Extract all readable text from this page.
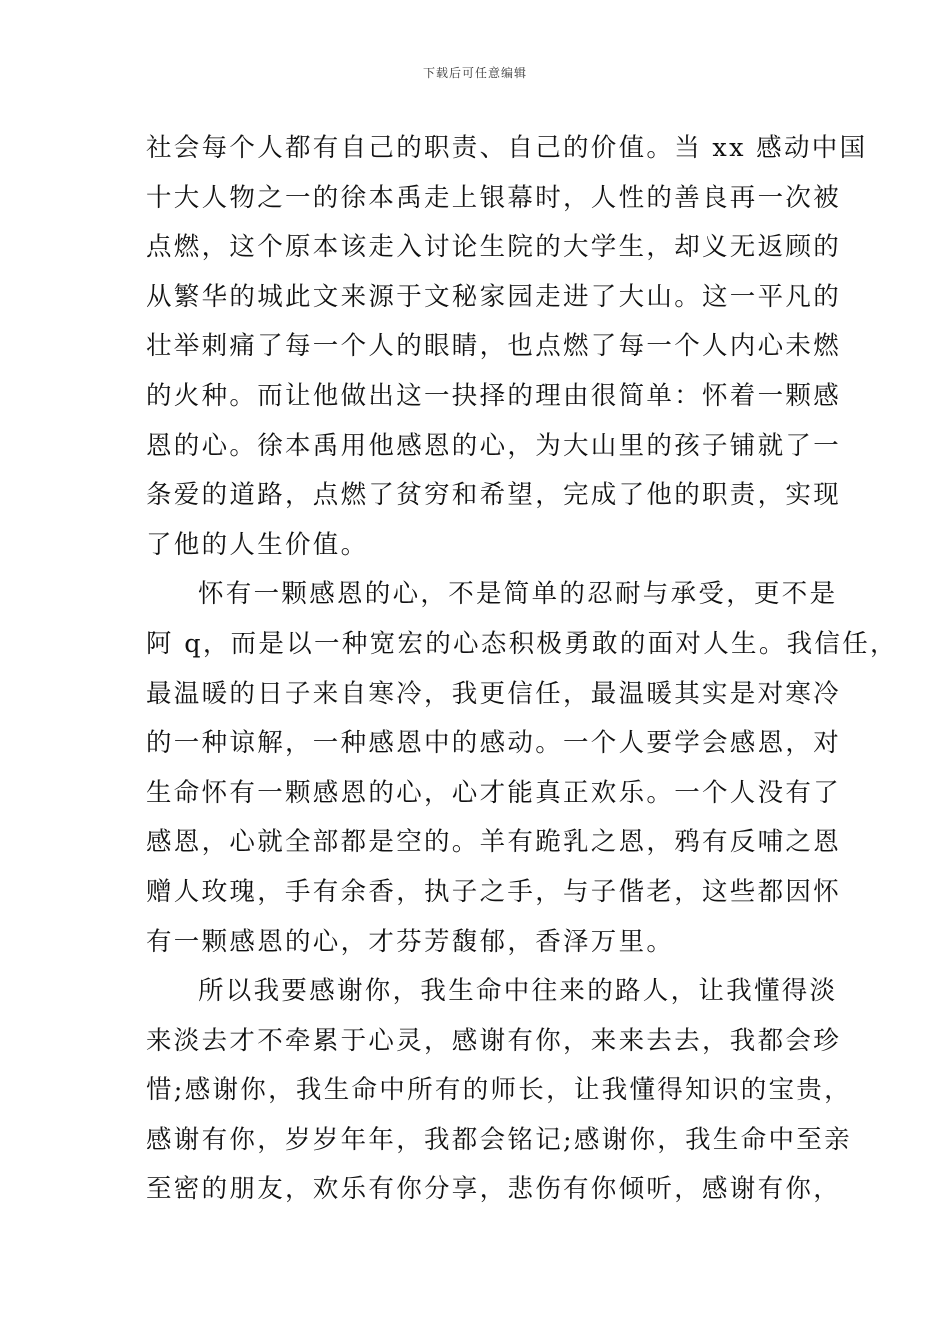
下载后可任意编辑
社会每个人都有自己的职责、自己的价值。当 xx 感动中国
十大人物之一的徐本禹走上银幕时，人性的善良再一次被
点燃，这个原本该走入讨论生院的大学生，却义无返顾的
从繁华的城此文来源于文秘家园走进了大山。这一平凡的
壮举刺痛了每一个人的眼睛，也点燃了每一个人内心未燃
的火种。而让他做出这一抉择的理由很简单：怀着一颗感
恩的心。徐本禹用他感恩的心，为大山里的孩子铺就了一
条爱的道路，点燃了贫穷和希望，完成了他的职责，实现
了他的人生价值。
怀有一颗感恩的心，不是简单的忍耐与承受，更不是
阿 q，而是以一种宽宏的心态积极勇敢的面对人生。我信任，
最温暖的日子来自寒冷，我更信任，最温暖其实是对寒冷
的一种谅解，一种感恩中的感动。一个人要学会感恩，对
生命怀有一颗感恩的心，心才能真正欢乐。一个人没有了
感恩，心就全部都是空的。羊有跪乳之恩，鸦有反哺之恩
赠人玫瑰，手有余香，执子之手，与子偕老，这些都因怀
有一颗感恩的心，才芬芳馥郁，香泽万里。
所以我要感谢你，我生命中往来的路人，让我懂得淡
来淡去才不牵累于心灵，感谢有你，来来去去，我都会珍
惜;感谢你，我生命中所有的师长，让我懂得知识的宝贵，
感谢有你，岁岁年年，我都会铭记;感谢你，我生命中至亲
至密的朋友，欢乐有你分享，悲伤有你倾听，感谢有你，
